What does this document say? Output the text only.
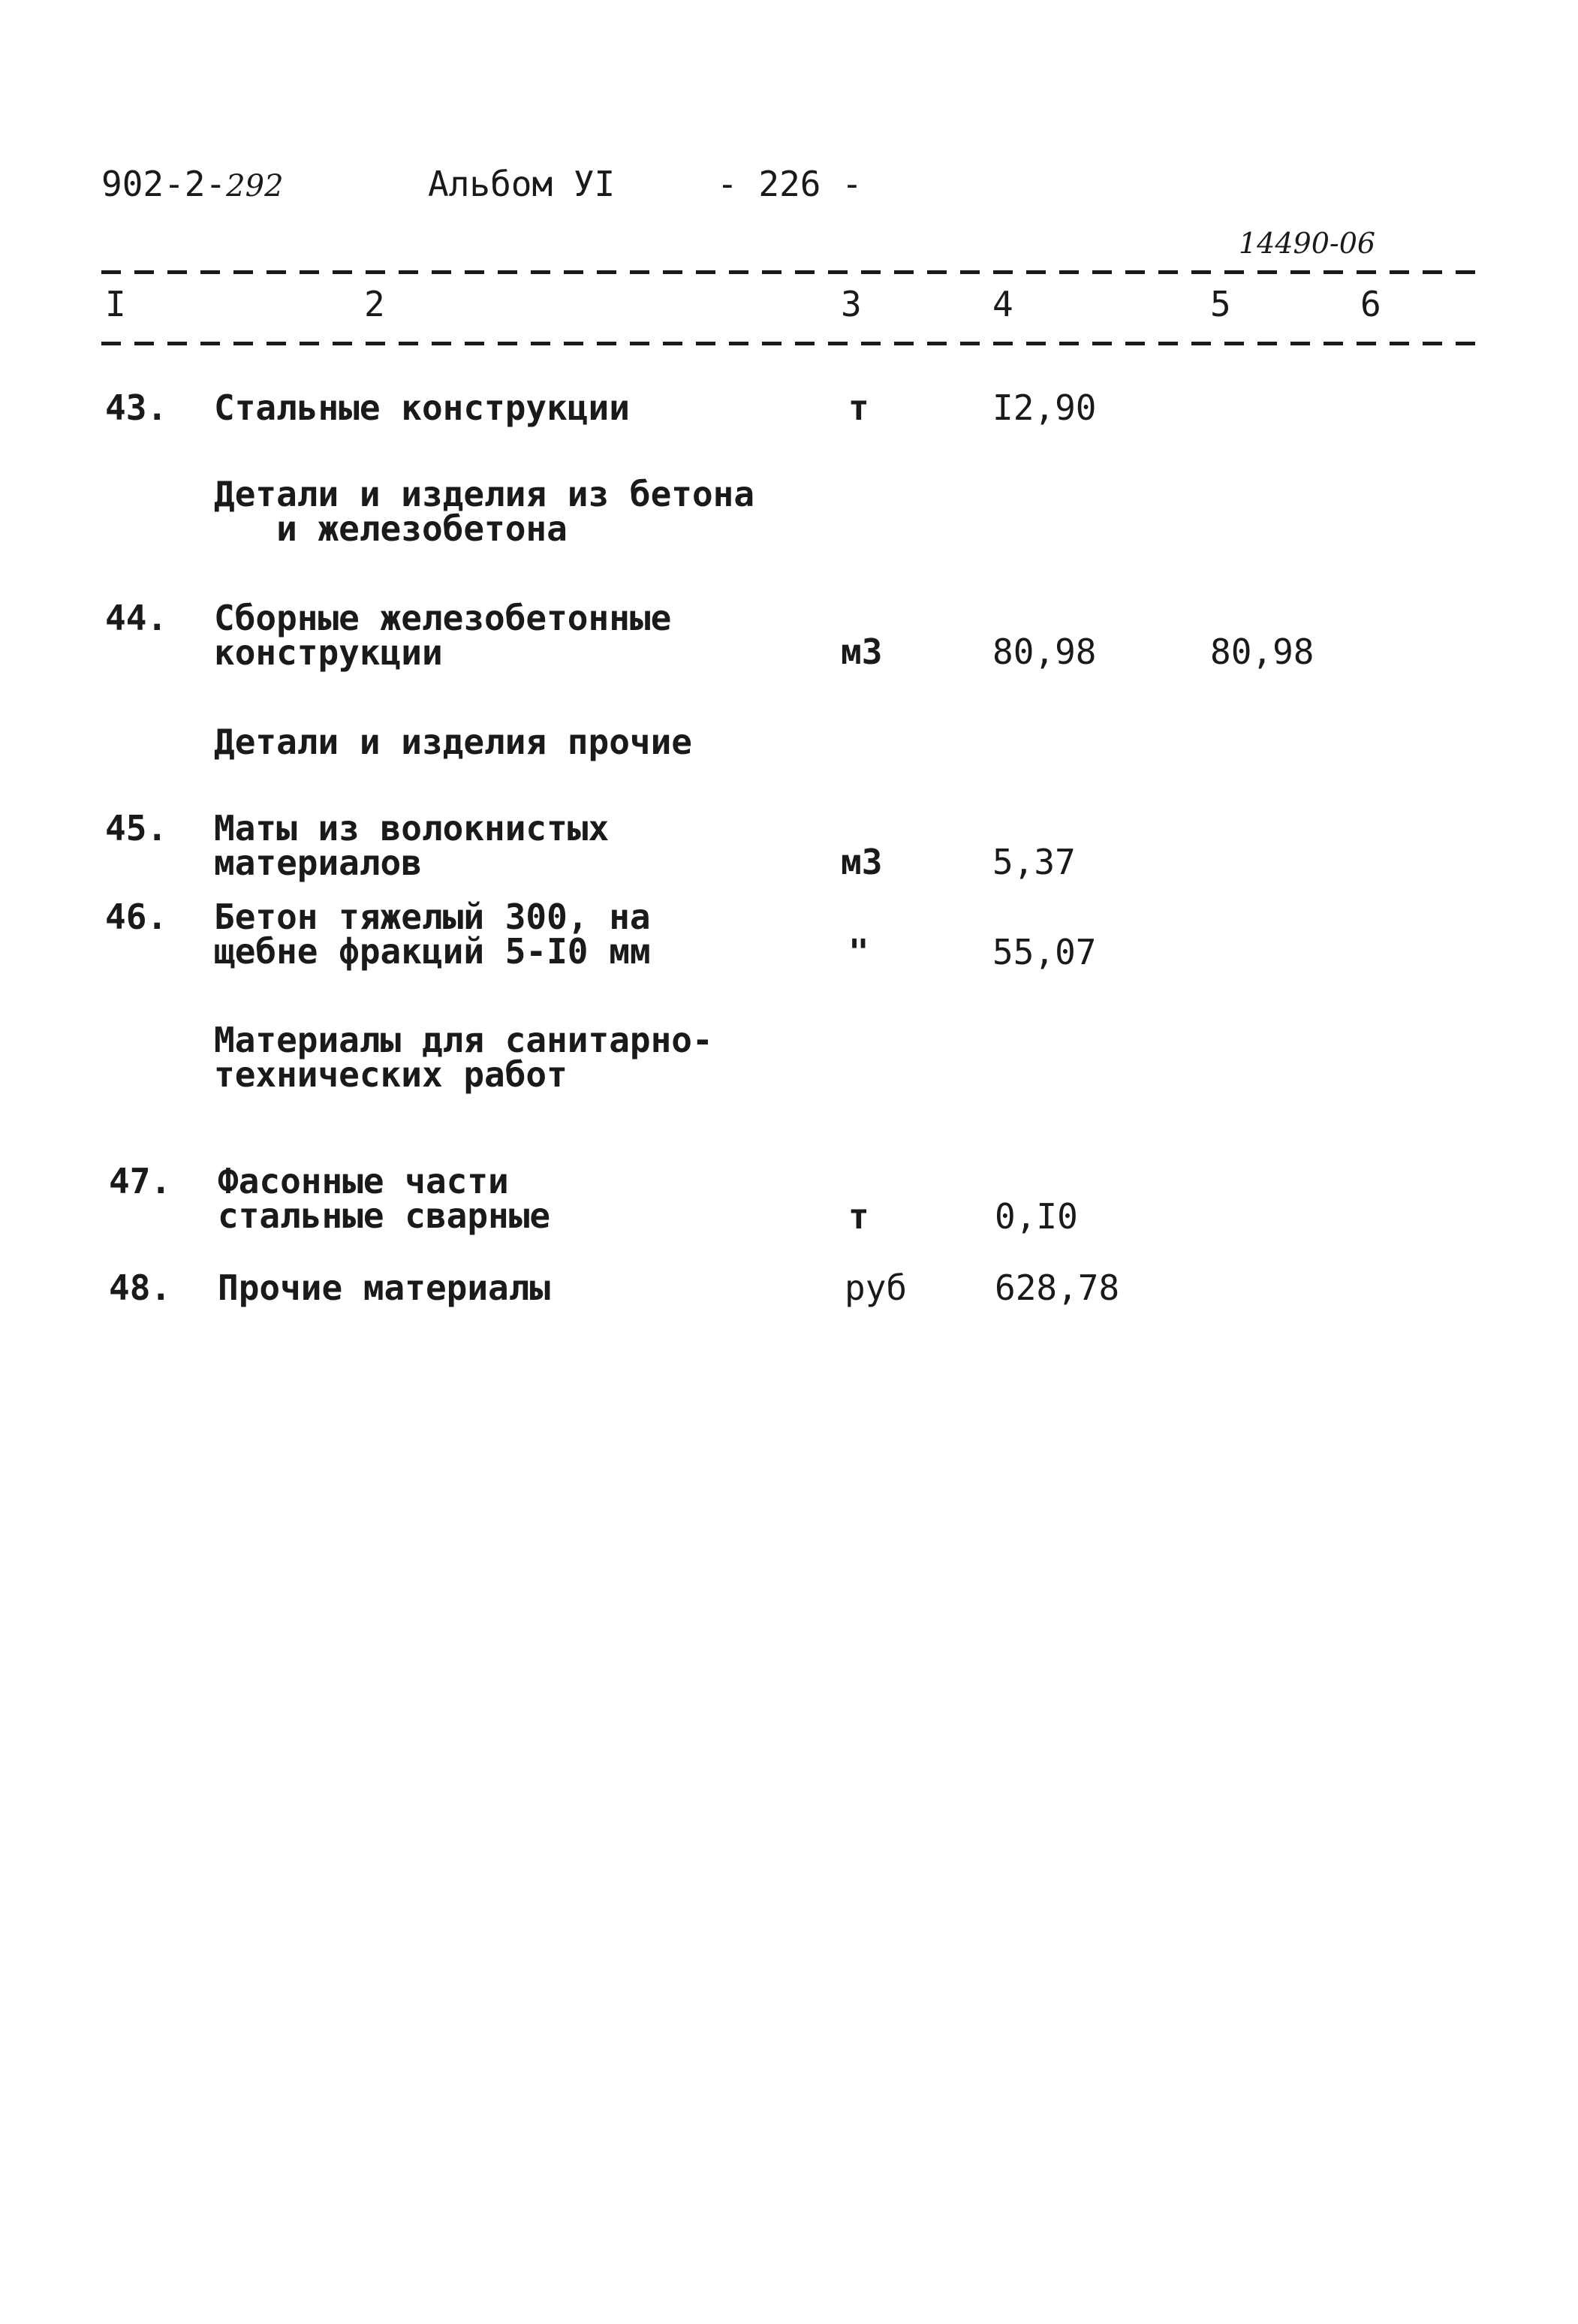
902-2-292	Альбом УI	- 226 -
14490-06
I	2	3	4	5	6
43. Стальные конструкции	т	I2,90
Детали и изделия из бетона
и железобетона
44. Сборные железобетонные
конструкции	м3	80,98	80,98
Детали и изделия прочие
45. Маты из волокнистых
материалов	м3	5,37
46. Бетон тяжелый 300, на
щебне фракций 5-I0 мм	"	55,07
Материалы для санитарно-
технических работ
47. Фасонные части
стальные сварные	т	0,I0
48. Прочие материалы	руб	628,78
